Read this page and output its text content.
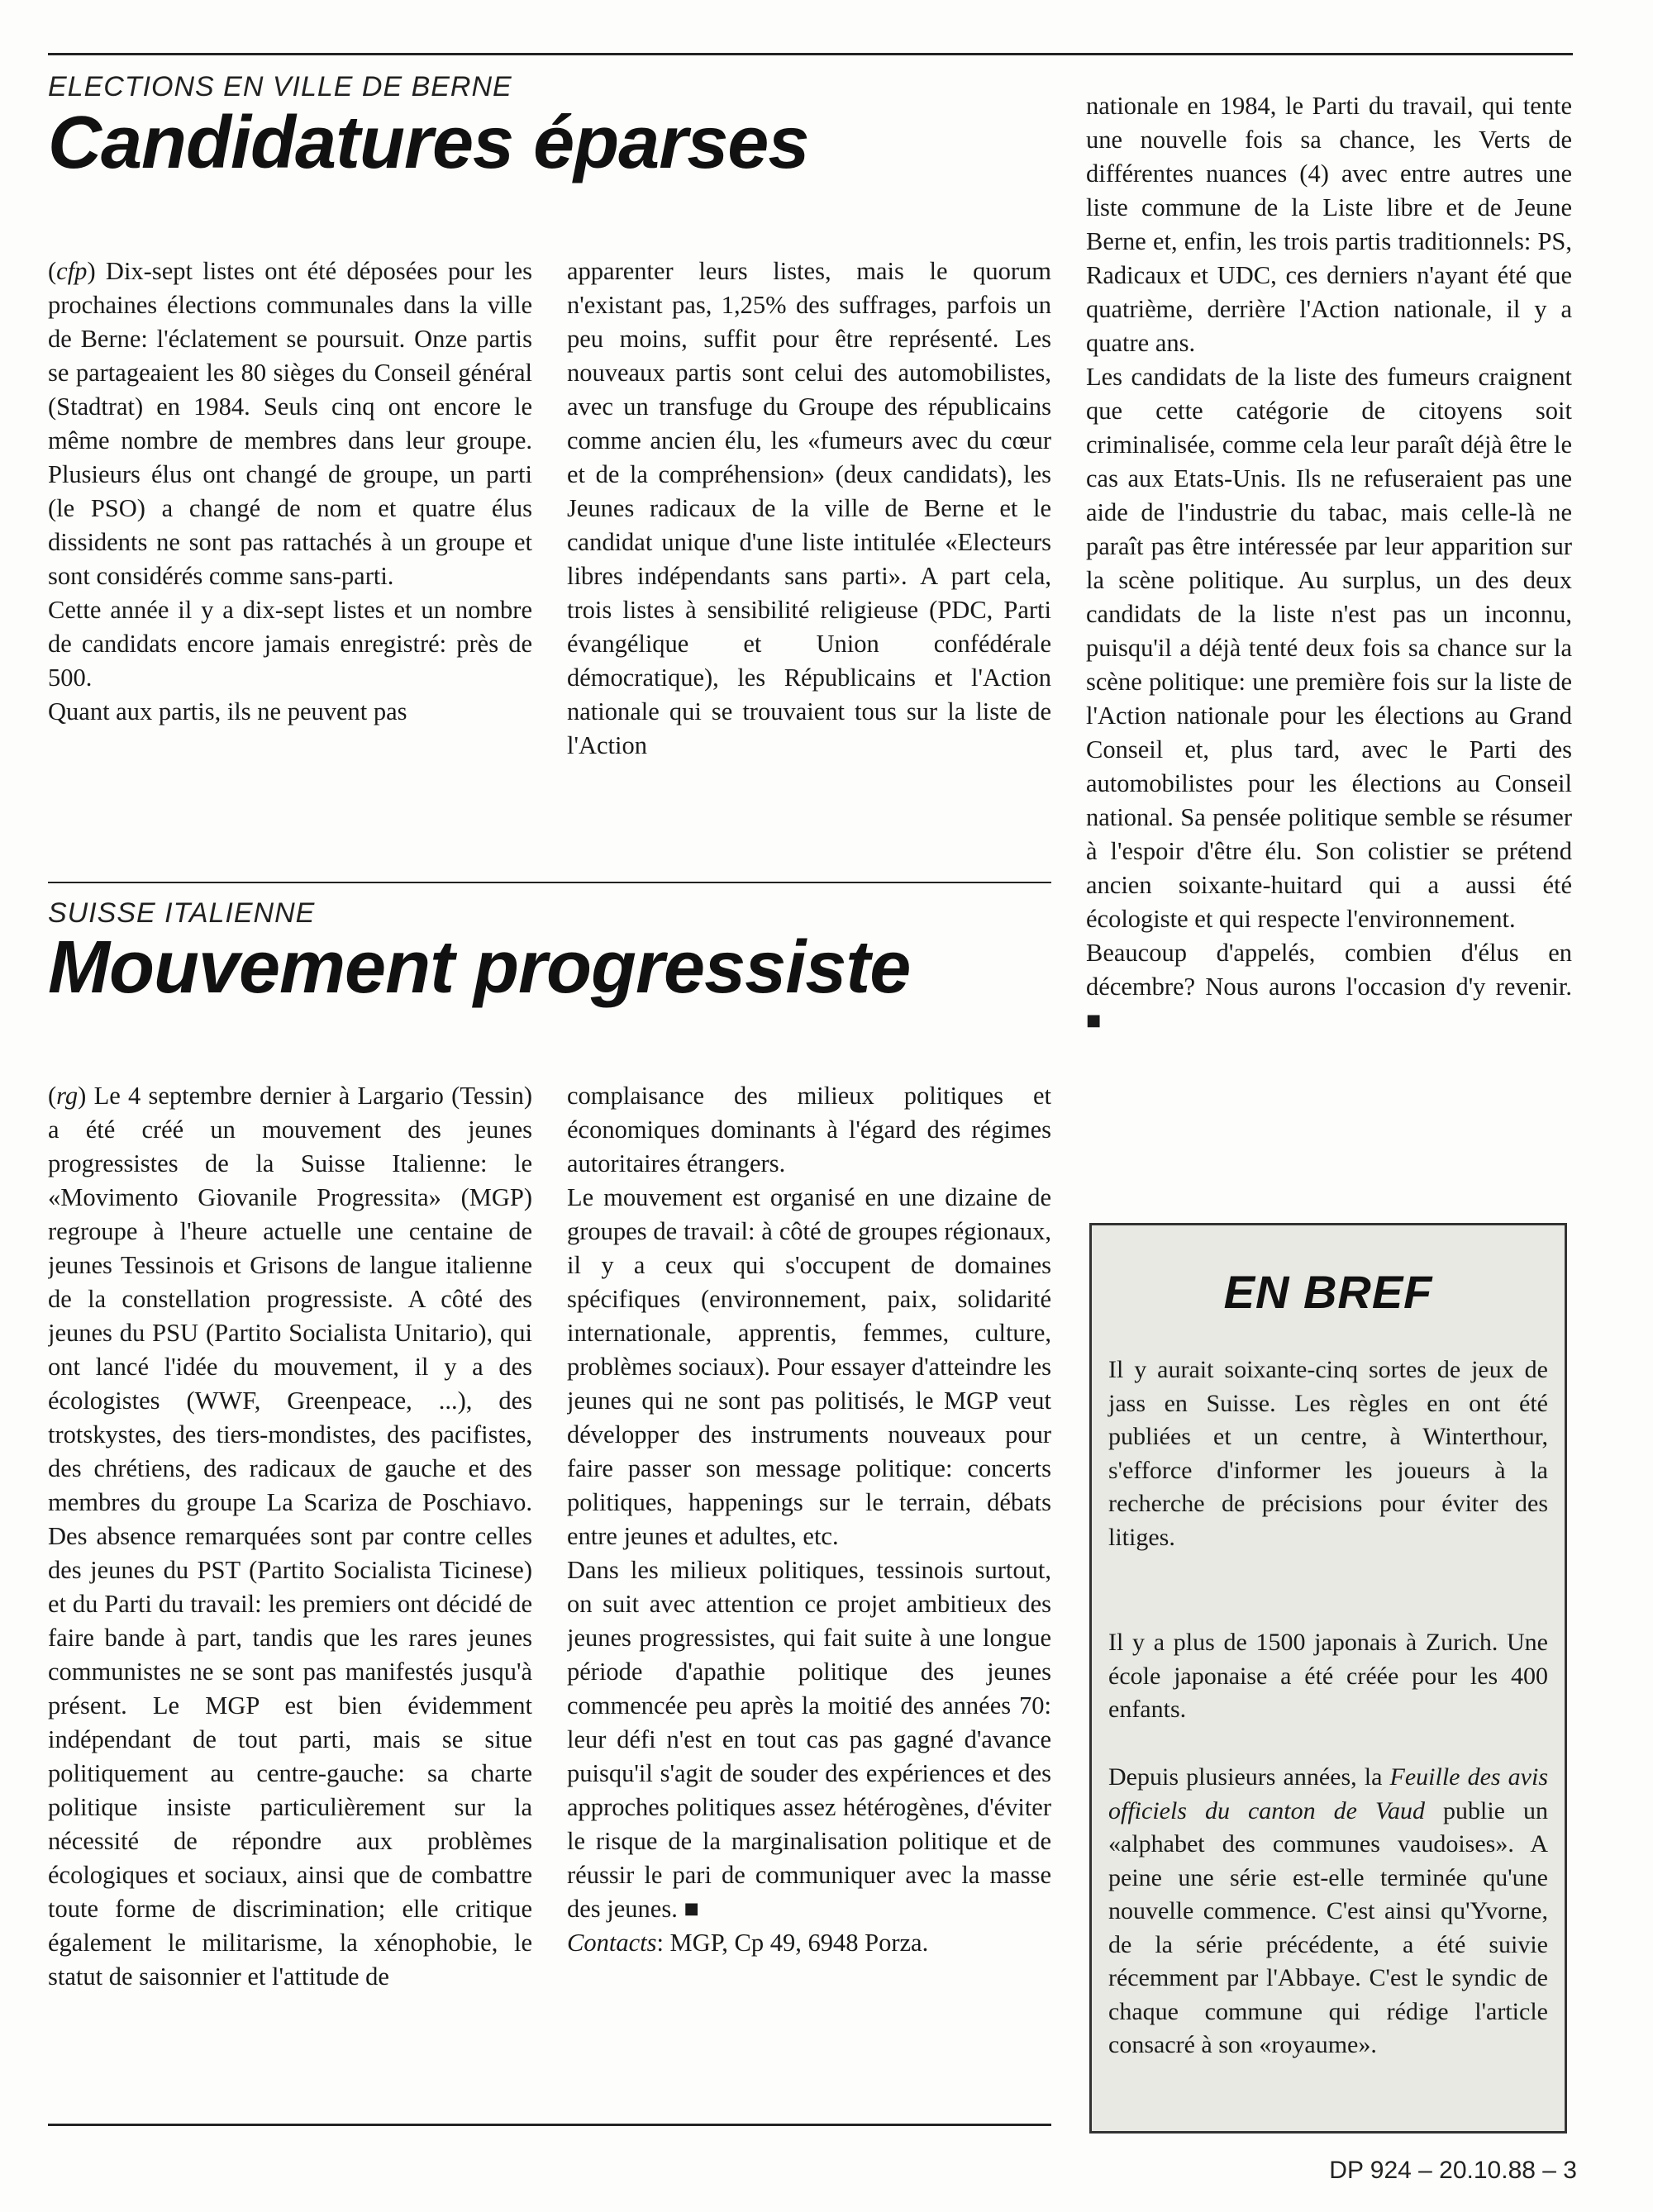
ELECTIONS EN VILLE DE BERNE
Candidatures éparses

(cfp) Dix-sept listes ont été déposées pour les prochaines élections communales dans la ville de Berne: l'éclatement se poursuit. Onze partis se partageaient les 80 sièges du Conseil général (Stadtrat) en 1984. Seuls cinq ont encore le même nombre de membres dans leur groupe. Plusieurs élus ont changé de groupe, un parti (le PSO) a changé de nom et quatre élus dissidents ne sont pas rattachés à un groupe et sont considérés comme sans-parti.

Cette année il y a dix-sept listes et un nombre de candidats encore jamais enregistré: près de 500.

Quant aux partis, ils ne peuvent pas

apparenter leurs listes, mais le quorum n'existant pas, 1,25% des suffrages, parfois un peu moins, suffit pour être représenté. Les nouveaux partis sont celui des automobilistes, avec un transfuge du Groupe des républicains comme ancien élu, les «fumeurs avec du cœur et de la compréhension» (deux candidats), les Jeunes radicaux de la ville de Berne et le candidat unique d'une liste intitulée «Electeurs libres indépendants sans parti». A part cela, trois listes à sensibilité religieuse (PDC, Parti évangélique et Union confédérale démocratique), les Républicains et l'Action nationale qui se trouvaient tous sur la liste de l'Action

nationale en 1984, le Parti du travail, qui tente une nouvelle fois sa chance, les Verts de différentes nuances (4) avec entre autres une liste commune de la Liste libre et de Jeune Berne et, enfin, les trois partis traditionnels: PS, Radicaux et UDC, ces derniers n'ayant été que quatrième, derrière l'Action nationale, il y a quatre ans.

Les candidats de la liste des fumeurs craignent que cette catégorie de citoyens soit criminalisée, comme cela leur paraît déjà être le cas aux Etats-Unis. Ils ne refuseraient pas une aide de l'industrie du tabac, mais celle-là ne paraît pas être intéressée par leur apparition sur la scène politique. Au surplus, un des deux candidats de la liste n'est pas un inconnu, puisqu'il a déjà tenté deux fois sa chance sur la scène politique: une première fois sur la liste de l'Action nationale pour les élections au Grand Conseil et, plus tard, avec le Parti des automobilistes pour les élections au Conseil national. Sa pensée politique semble se résumer à l'espoir d'être élu. Son colistier se prétend ancien soixante-huitard qui a aussi été écologiste et qui respecte l'environnement.

Beaucoup d'appelés, combien d'élus en décembre? Nous aurons l'occasion d'y revenir. ■

SUISSE ITALIENNE
Mouvement progressiste

(rg) Le 4 septembre dernier à Largario (Tessin) a été créé un mouvement des jeunes progressistes de la Suisse Italienne: le «Movimento Giovanile Progressita» (MGP) regroupe à l'heure actuelle une centaine de jeunes Tessinois et Grisons de langue italienne de la constellation progressiste. A côté des jeunes du PSU (Partito Socialista Unitario), qui ont lancé l'idée du mouvement, il y a des écologistes (WWF, Greenpeace, ...), des trotskystes, des tiers-mondistes, des pacifistes, des chrétiens, des radicaux de gauche et des membres du groupe La Scariza de Poschiavo. Des absence remarquées sont par contre celles des jeunes du PST (Partito Socialista Ticinese) et du Parti du travail: les premiers ont décidé de faire bande à part, tandis que les rares jeunes communistes ne se sont pas manifestés jusqu'à présent. Le MGP est bien évidemment indépendant de tout parti, mais se situe politiquement au centre-gauche: sa charte politique insiste particulièrement sur la nécessité de répondre aux problèmes écologiques et sociaux, ainsi que de combattre toute forme de discrimination; elle critique également le militarisme, la xénophobie, le statut de saisonnier et l'attitude de

complaisance des milieux politiques et économiques dominants à l'égard des régimes autoritaires étrangers.

Le mouvement est organisé en une dizaine de groupes de travail: à côté de groupes régionaux, il y a ceux qui s'occupent de domaines spécifiques (environnement, paix, solidarité internationale, apprentis, femmes, culture, problèmes sociaux). Pour essayer d'atteindre les jeunes qui ne sont pas politisés, le MGP veut développer des instruments nouveaux pour faire passer son message politique: concerts politiques, happenings sur le terrain, débats entre jeunes et adultes, etc.

Dans les milieux politiques, tessinois surtout, on suit avec attention ce projet ambitieux des jeunes progressistes, qui fait suite à une longue période d'apathie politique des jeunes commencée peu après la moitié des années 70: leur défi n'est en tout cas pas gagné d'avance puisqu'il s'agit de souder des expériences et des approches politiques assez hétérogènes, d'éviter le risque de la marginalisation politique et de réussir le pari de communiquer avec la masse des jeunes. ■

Contacts: MGP, Cp 49, 6948 Porza.

EN BREF

Il y aurait soixante-cinq sortes de jeux de jass en Suisse. Les règles en ont été publiées et un centre, à Winterthour, s'efforce d'informer les joueurs à la recherche de précisions pour éviter des litiges.

Il y a plus de 1500 japonais à Zurich. Une école japonaise a été créée pour les 400 enfants.

Depuis plusieurs années, la Feuille des avis officiels du canton de Vaud publie un «alphabet des communes vaudoises». A peine une série est-elle terminée qu'une nouvelle commence. C'est ainsi qu'Yvorne, de la série précédente, a été suivie récemment par l'Abbaye. C'est le syndic de chaque commune qui rédige l'article consacré à son «royaume».

DP 924 – 20.10.88 – 3
